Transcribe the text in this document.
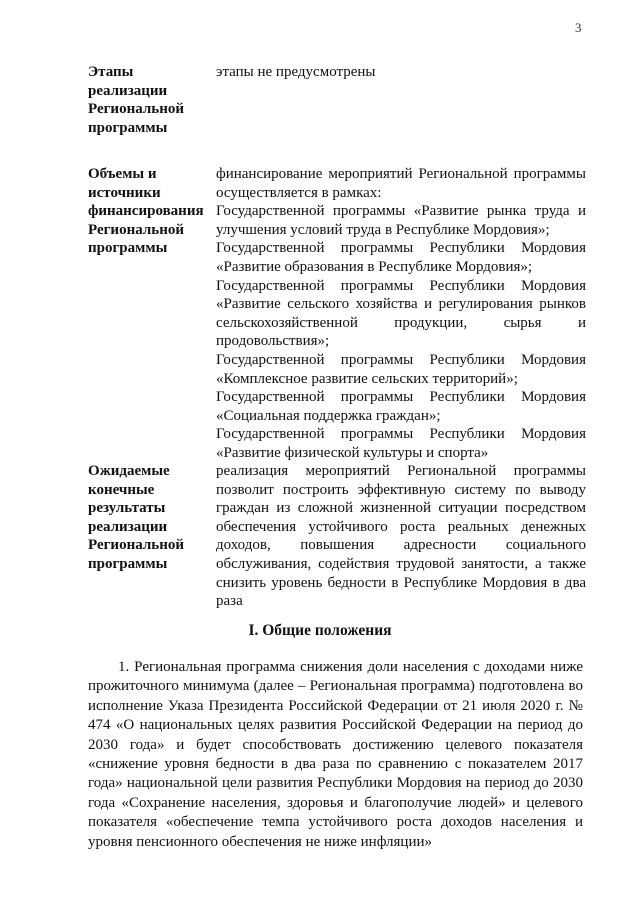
3
Этапы реализации Региональной программы
этапы не предусмотрены
Объемы и источники финансирования Региональной программы
финансирование мероприятий Региональной программы осуществляется в рамках:
Государственной программы «Развитие рынка труда и улучшения условий труда в Республике Мордовия»;
Государственной программы Республики Мордовия «Развитие образования в Республике Мордовия»;
Государственной программы Республики Мордовия «Развитие сельского хозяйства и регулирования рынков сельскохозяйственной продукции, сырья и продовольствия»;
Государственной программы Республики Мордовия «Комплексное развитие сельских территорий»;
Государственной программы Республики Мордовия «Социальная поддержка граждан»;
Государственной программы Республики Мордовия «Развитие физической культуры и спорта»
Ожидаемые конечные результаты реализации Региональной программы
реализация мероприятий Региональной программы позволит построить эффективную систему по выводу граждан из сложной жизненной ситуации посредством обеспечения устойчивого роста реальных денежных доходов, повышения адресности социального обслуживания, содействия трудовой занятости, а также снизить уровень бедности в Республике Мордовия в два раза
I. Общие положения
1. Региональная программа снижения доли населения с доходами ниже прожиточного минимума (далее – Региональная программа) подготовлена во исполнение Указа Президента Российской Федерации от 21 июля 2020 г. № 474 «О национальных целях развития Российской Федерации на период до 2030 года» и будет способствовать достижению целевого показателя «снижение уровня бедности в два раза по сравнению с показателем 2017 года» национальной цели развития Республики Мордовия на период до 2030 года «Сохранение населения, здоровья и благополучие людей» и целевого показателя «обеспечение темпа устойчивого роста доходов населения и уровня пенсионного обеспечения не ниже инфляции»
